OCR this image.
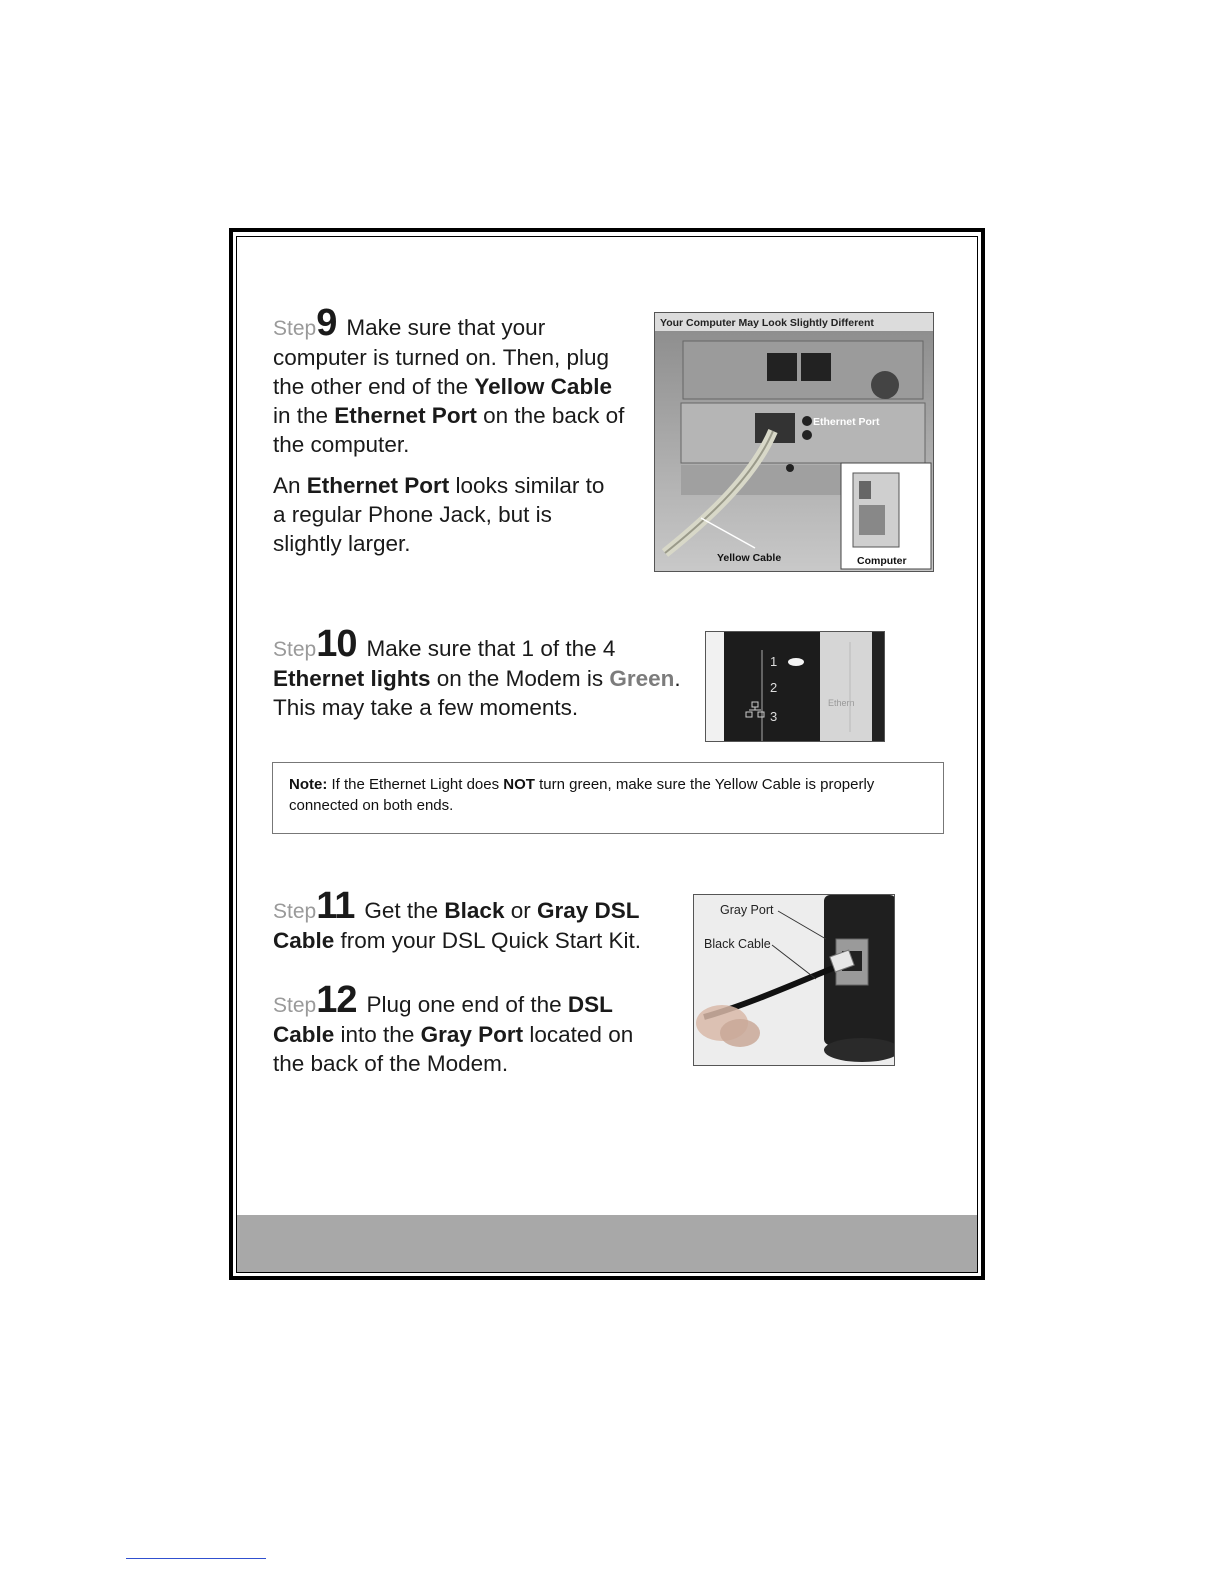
Step9 Make sure that your computer is turned on. Then, plug the other end of the Yellow Cable in the Ethernet Port on the back of the computer.

An Ethernet Port looks similar to a regular Phone Jack, but is slightly larger.

Your Computer May Look Slightly Different
Ethernet Port
Yellow Cable	Computer

Step10 Make sure that 1 of the 4 Ethernet lights on the Modem is Green. This may take a few moments.

1
2
3
Ethern
Note: If the Ethernet Light does NOT turn green, make sure the Yellow Cable is properly connected on both ends.

Step11 Get the Black or Gray DSL Cable from your DSL Quick Start Kit.

Step12 Plug one end of the DSL Cable into the Gray Port located on the back of the Modem.

Gray Port
Black Cable
